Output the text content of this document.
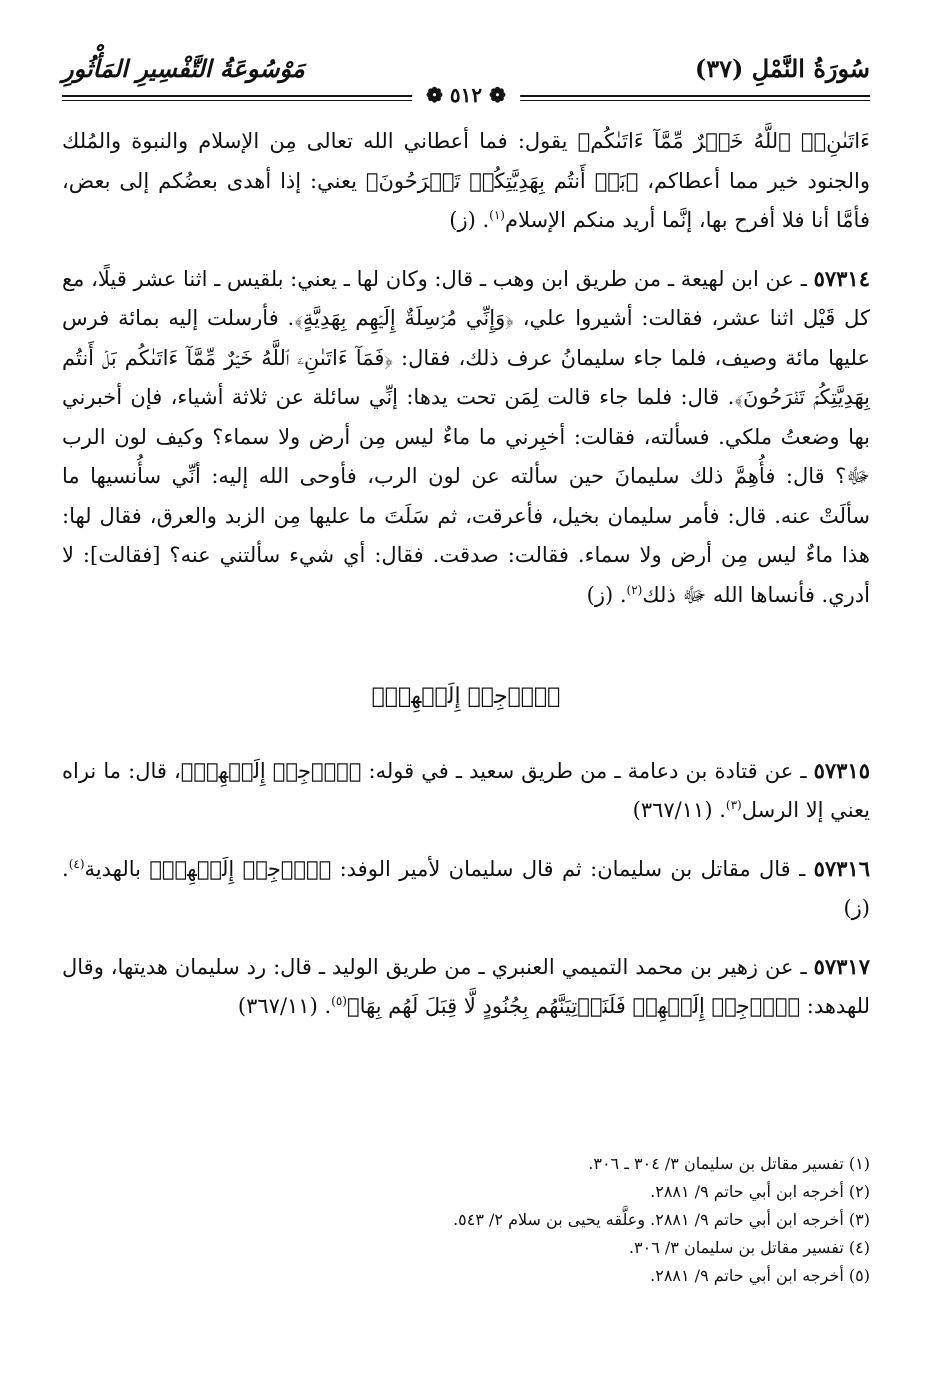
سُورَةُ النَّمْلِ (٣٧)
مَوْسُوعَةُ التَّفْسِيرِ المَأْثُورِ
❁ ٥١٢ ❁

ءَاتَىٰنِۦَ ٱللَّهُ خَيۡرٌ مِّمَّآ ءَاتَىٰكُم﴾ يقول: فما أعطاني الله تعالى مِن الإسلام والنبوة والمُلك والجنود خير مما أعطاكم، ﴿بَلۡ أَنتُم بِهَدِيَّتِكُمۡ تَفۡرَحُونَ﴾ يعني: إذا أهدى بعضُكم إلى بعض، فأمَّا أنا فلا أفرح بها، إنَّما أريد منكم الإسلام$^{(١)}$. (ز)

٥٧٣١٤ ـ عن ابن لهيعة ـ من طريق ابن وهب ـ قال: وكان لها ـ يعني: بلقيس ـ اثنا عشر قيلًا، مع كل قَيْل اثنا عشر، فقالت: أشيروا علي، ﴿وَإِنِّي مُرۡسِلَةٌ إِلَيۡهِم بِهَدِيَّةٍ﴾. فأرسلت إليه بمائة فرس عليها مائة وصيف، فلما جاء سليمانُ عرف ذلك، فقال: ﴿فَمَآ ءَاتَىٰنِۦَ ٱللَّهُ خَيۡرٌ مِّمَّآ ءَاتَىٰكُم بَلۡ أَنتُم بِهَدِيَّتِكُمۡ تَفۡرَحُونَ﴾. قال: فلما جاء قالت لِمَن تحت يدها: إنِّي سائلة عن ثلاثة أشياء، فإن أخبرني بها وضعتُ ملكي. فسألته، فقالت: أخبِرني ما ماءٌ ليس مِن أرض ولا سماء؟ وكيف لون الرب ﷻ؟ قال: فأُهِمَّ ذلك سليمانَ حين سألته عن لون الرب، فأوحى الله إليه: أنِّي سأُنسيها ما سألَتْ عنه. قال: فأمر سليمان بخيل، فأعرقت، ثم سَلَتَ ما عليها مِن الزبد والعرق، فقال لها: هذا ماءٌ ليس مِن أرض ولا سماء. فقالت: صدقت. فقال: أي شيء سألتني عنه؟ [فقالت]: لا أدري. فأنساها الله ﷻ ذلك$^{(٢)}$. (ز)

﴿ٱرۡجِعۡ إِلَيۡهِمۡ﴾

٥٧٣١٥ ـ عن قتادة بن دعامة ـ من طريق سعيد ـ في قوله: ﴿ٱرۡجِعۡ إِلَيۡهِمۡ﴾، قال: ما نراه يعني إلا الرسل$^{(٣)}$. (٣٦٧/١١)

٥٧٣١٦ ـ قال مقاتل بن سليمان: ثم قال سليمان لأمير الوفد: ﴿ٱرۡجِعۡ إِلَيۡهِمۡ﴾ بالهدية$^{(٤)}$. (ز)

٥٧٣١٧ ـ عن زهير بن محمد التميمي العنبري ـ من طريق الوليد ـ قال: رد سليمان هديتها، وقال للهدهد: ﴿ٱرۡجِعۡ إِلَيۡهِمۡ فَلَنَأۡتِيَنَّهُم بِجُنُودٍ لَّا قِبَلَ لَهُم بِهَا﴾$^{(٥)}$. (٣٦٧/١١)

(١) تفسير مقاتل بن سليمان ٣/ ٣٠٤ ـ ٣٠٦.

(٢) أخرجه ابن أبي حاتم ٩/ ٢٨٨١.

(٣) أخرجه ابن أبي حاتم ٩/ ٢٨٨١. وعلَّقه يحيى بن سلام ٢/ ٥٤٣.

(٤) تفسير مقاتل بن سليمان ٣/ ٣٠٦.

(٥) أخرجه ابن أبي حاتم ٩/ ٢٨٨١.
